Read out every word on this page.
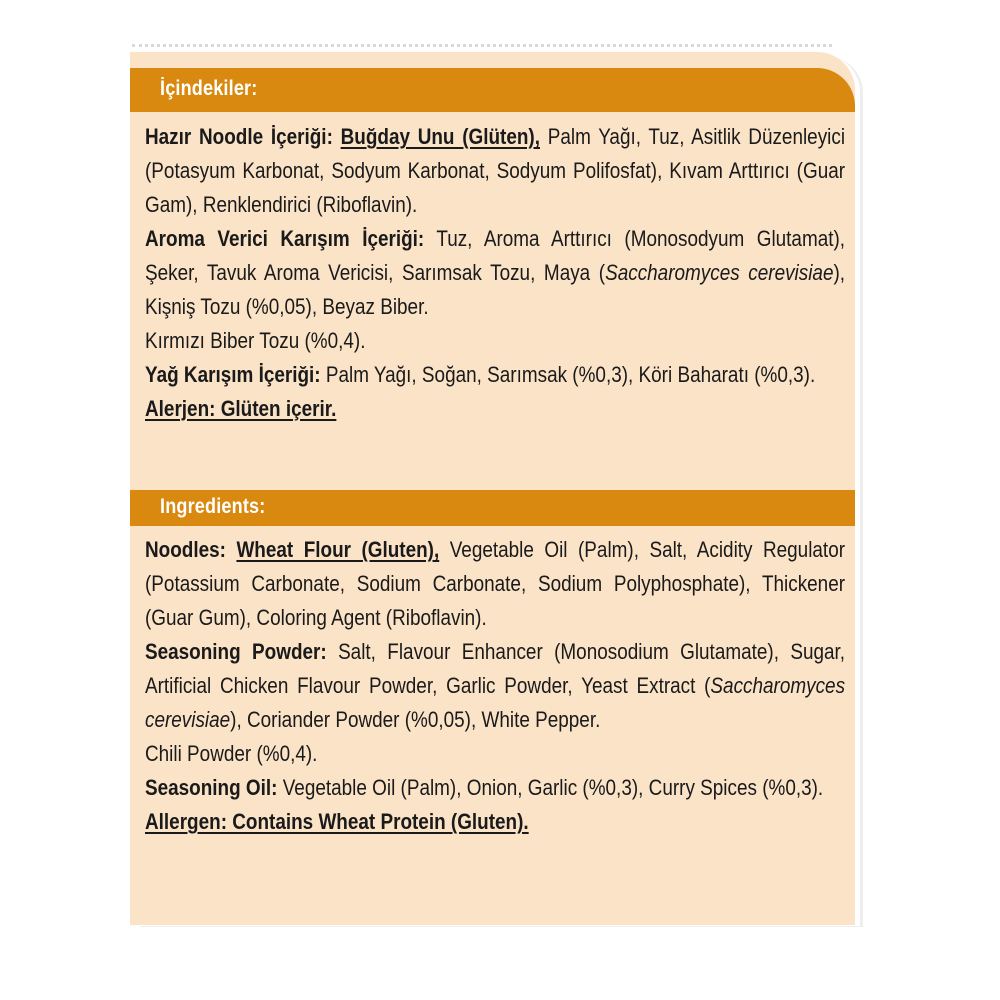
İçindekiler:

Hazır Noodle İçeriği: Buğday Unu (Glüten), Palm Yağı, Tuz, Asitlik Düzenleyici (Potasyum Karbonat, Sodyum Karbonat, Sodyum Polifosfat), Kıvam Arttırıcı (Guar Gam), Renklendirici (Riboflavin).

Aroma Verici Karışım İçeriği: Tuz, Aroma Arttırıcı (Monosodyum Glutamat), Şeker, Tavuk Aroma Vericisi, Sarımsak Tozu, Maya (Saccharomyces cerevisiae), Kişniş Tozu (%0,05), Beyaz Biber.

Kırmızı Biber Tozu (%0,4).

Yağ Karışım İçeriği: Palm Yağı, Soğan, Sarımsak (%0,3), Köri Baharatı (%0,3).

Alerjen: Glüten içerir.

Ingredients:

Noodles: Wheat Flour (Gluten), Vegetable Oil (Palm), Salt, Acidity Regulator (Potassium Carbonate, Sodium Carbonate, Sodium Polyphosphate), Thickener (Guar Gum), Coloring Agent (Riboflavin).

Seasoning Powder: Salt, Flavour Enhancer (Monosodium Glutamate), Sugar, Artificial Chicken Flavour Powder, Garlic Powder, Yeast Extract (Saccharomyces cerevisiae), Coriander Powder (%0,05), White Pepper.

Chili Powder (%0,4).

Seasoning Oil: Vegetable Oil (Palm), Onion, Garlic (%0,3), Curry Spices (%0,3).

Allergen: Contains Wheat Protein (Gluten).
